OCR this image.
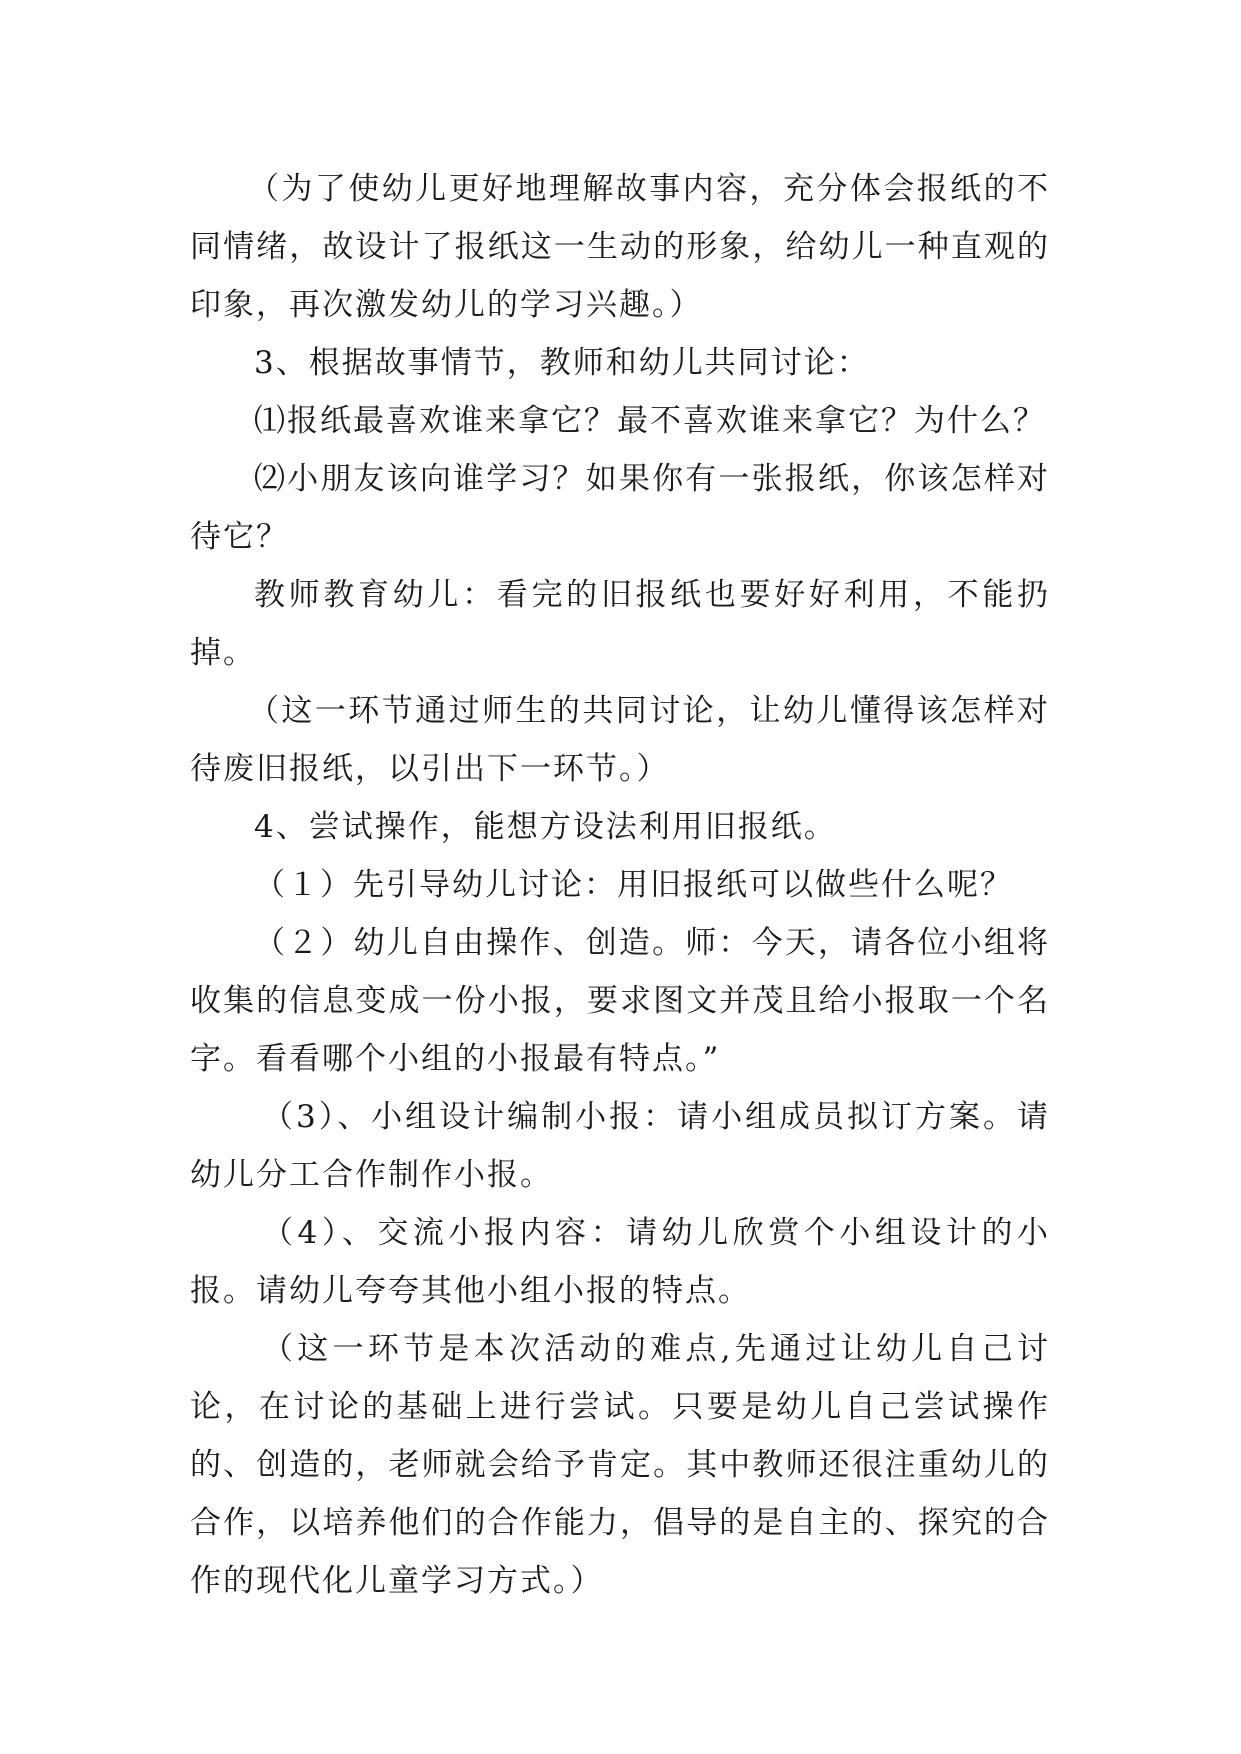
（为了使幼儿更好地理解故事内容，充分体会报纸的不同情绪，故设计了报纸这一生动的形象，给幼儿一种直观的印象，再次激发幼儿的学习兴趣。）

3、根据故事情节，教师和幼儿共同讨论：

⑴报纸最喜欢谁来拿它？最不喜欢谁来拿它？为什么？

⑵小朋友该向谁学习？如果你有一张报纸，你该怎样对待它？

教师教育幼儿：看完的旧报纸也要好好利用，不能扔掉。

（这一环节通过师生的共同讨论，让幼儿懂得该怎样对待废旧报纸，以引出下一环节。）

4、尝试操作，能想方设法利用旧报纸。

（１）先引导幼儿讨论：用旧报纸可以做些什么呢？

（２）幼儿自由操作、创造。师：今天，请各位小组将收集的信息变成一份小报，要求图文并茂且给小报取一个名字。看看哪个小组的小报最有特点。”

（3）、小组设计编制小报：请小组成员拟订方案。请幼儿分工合作制作小报。

（4）、交流小报内容：请幼儿欣赏个小组设计的小报。请幼儿夸夸其他小组小报的特点。

（这一环节是本次活动的难点,先通过让幼儿自己讨论，在讨论的基础上进行尝试。只要是幼儿自己尝试操作的、创造的，老师就会给予肯定。其中教师还很注重幼儿的合作，以培养他们的合作能力，倡导的是自主的、探究的合作的现代化儿童学习方式。）
